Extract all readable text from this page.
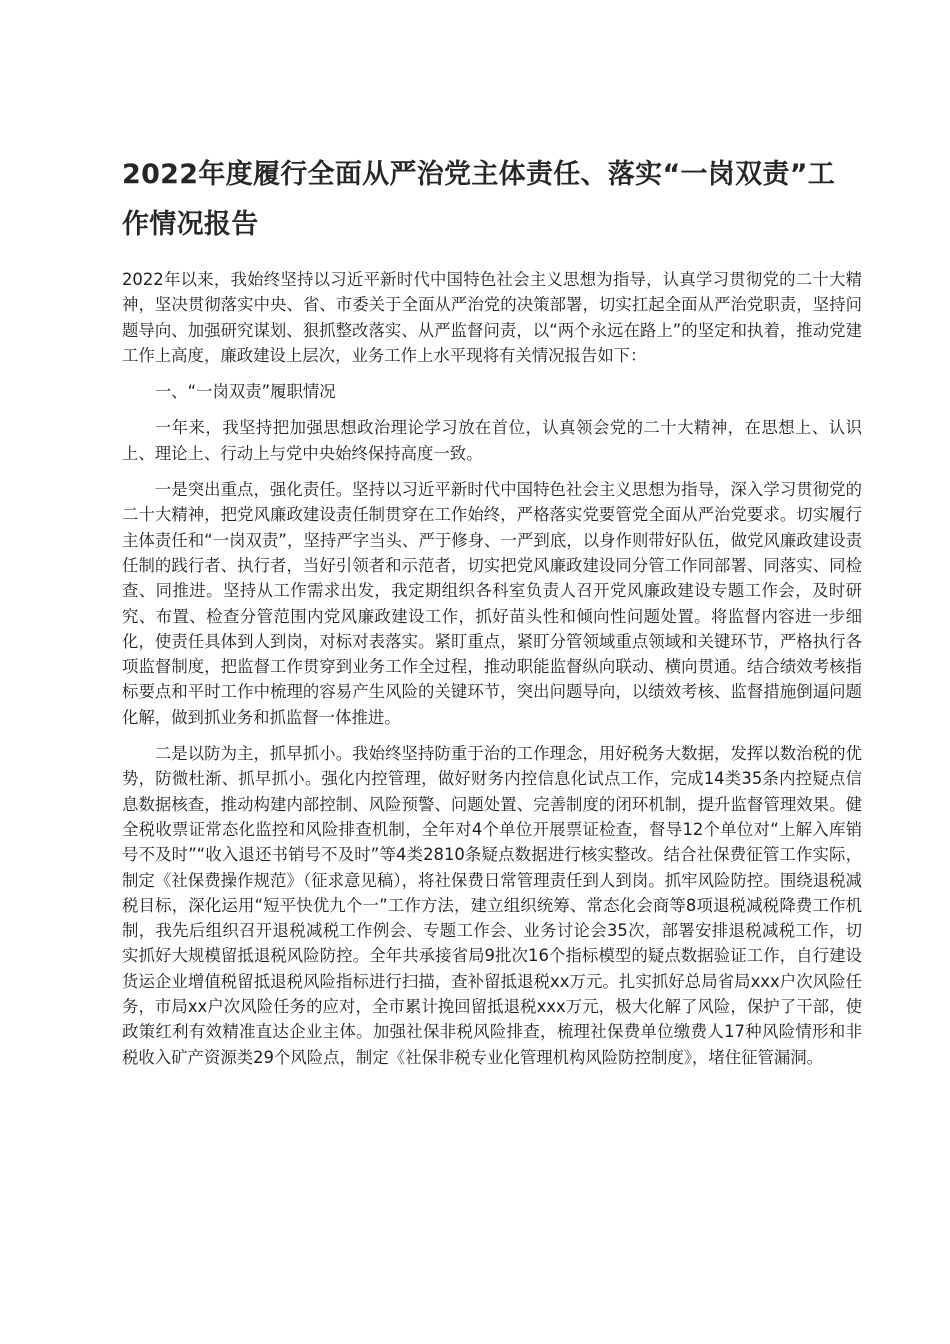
2022年度履行全面从严治党主体责任、落实“一岗双责”工作情况报告

2022年以来，我始终坚持以习近平新时代中国特色社会主义思想为指导，认真学习贯彻党的二十大精神，坚决贯彻落实中央、省、市委关于全面从严治党的决策部署，切实扛起全面从严治党职责，坚持问题导向、加强研究谋划、狠抓整改落实、从严监督问责，以“两个永远在路上”的坚定和执着，推动党建工作上高度，廉政建设上层次，业务工作上水平现将有关情况报告如下：

一、“一岗双责”履职情况

一年来，我坚持把加强思想政治理论学习放在首位，认真领会党的二十大精神，在思想上、认识上、理论上、行动上与党中央始终保持高度一致。

一是突出重点，强化责任。坚持以习近平新时代中国特色社会主义思想为指导，深入学习贯彻党的二十大精神，把党风廉政建设责任制贯穿在工作始终，严格落实党要管党全面从严治党要求。切实履行主体责任和“一岗双责”，坚持严字当头、严于修身、一严到底，以身作则带好队伍，做党风廉政建设责任制的践行者、执行者，当好引领者和示范者，切实把党风廉政建设同分管工作同部署、同落实、同检查、同推进。坚持从工作需求出发，我定期组织各科室负责人召开党风廉政建设专题工作会，及时研究、布置、检查分管范围内党风廉政建设工作，抓好苗头性和倾向性问题处置。将监督内容进一步细化，使责任具体到人到岗，对标对表落实。紧盯重点，紧盯分管领域重点领域和关键环节，严格执行各项监督制度，把监督工作贯穿到业务工作全过程，推动职能监督纵向联动、横向贯通。结合绩效考核指标要点和平时工作中梳理的容易产生风险的关键环节，突出问题导向，以绩效考核、监督措施倒逼问题化解，做到抓业务和抓监督一体推进。

二是以防为主，抓早抓小。我始终坚持防重于治的工作理念，用好税务大数据，发挥以数治税的优势，防微杜渐、抓早抓小。强化内控管理，做好财务内控信息化试点工作，完成14类35条内控疑点信息数据核查，推动构建内部控制、风险预警、问题处置、完善制度的闭环机制，提升监督管理效果。健全税收票证常态化监控和风险排查机制，全年对4个单位开展票证检查，督导12个单位对“上解入库销号不及时”“收入退还书销号不及时”等4类2810条疑点数据进行核实整改。结合社保费征管工作实际，制定《社保费操作规范》（征求意见稿），将社保费日常管理责任到人到岗。抓牢风险防控。围绕退税减税目标，深化运用“短平快优九个一”工作方法，建立组织统筹、常态化会商等8项退税减税降费工作机制，我先后组织召开退税减税工作例会、专题工作会、业务讨论会35次，部署安排退税减税工作，切实抓好大规模留抵退税风险防控。全年共承接省局9批次16个指标模型的疑点数据验证工作，自行建设货运企业增值税留抵退税风险指标进行扫描，查补留抵退税xx万元。扎实抓好总局省局xxx户次风险任务，市局xx户次风险任务的应对，全市累计挽回留抵退税xxx万元，极大化解了风险，保护了干部，使政策红利有效精准直达企业主体。加强社保非税风险排查，梳理社保费单位缴费人17种风险情形和非税收入矿产资源类29个风险点，制定《社保非税专业化管理机构风险防控制度》，堵住征管漏洞。
